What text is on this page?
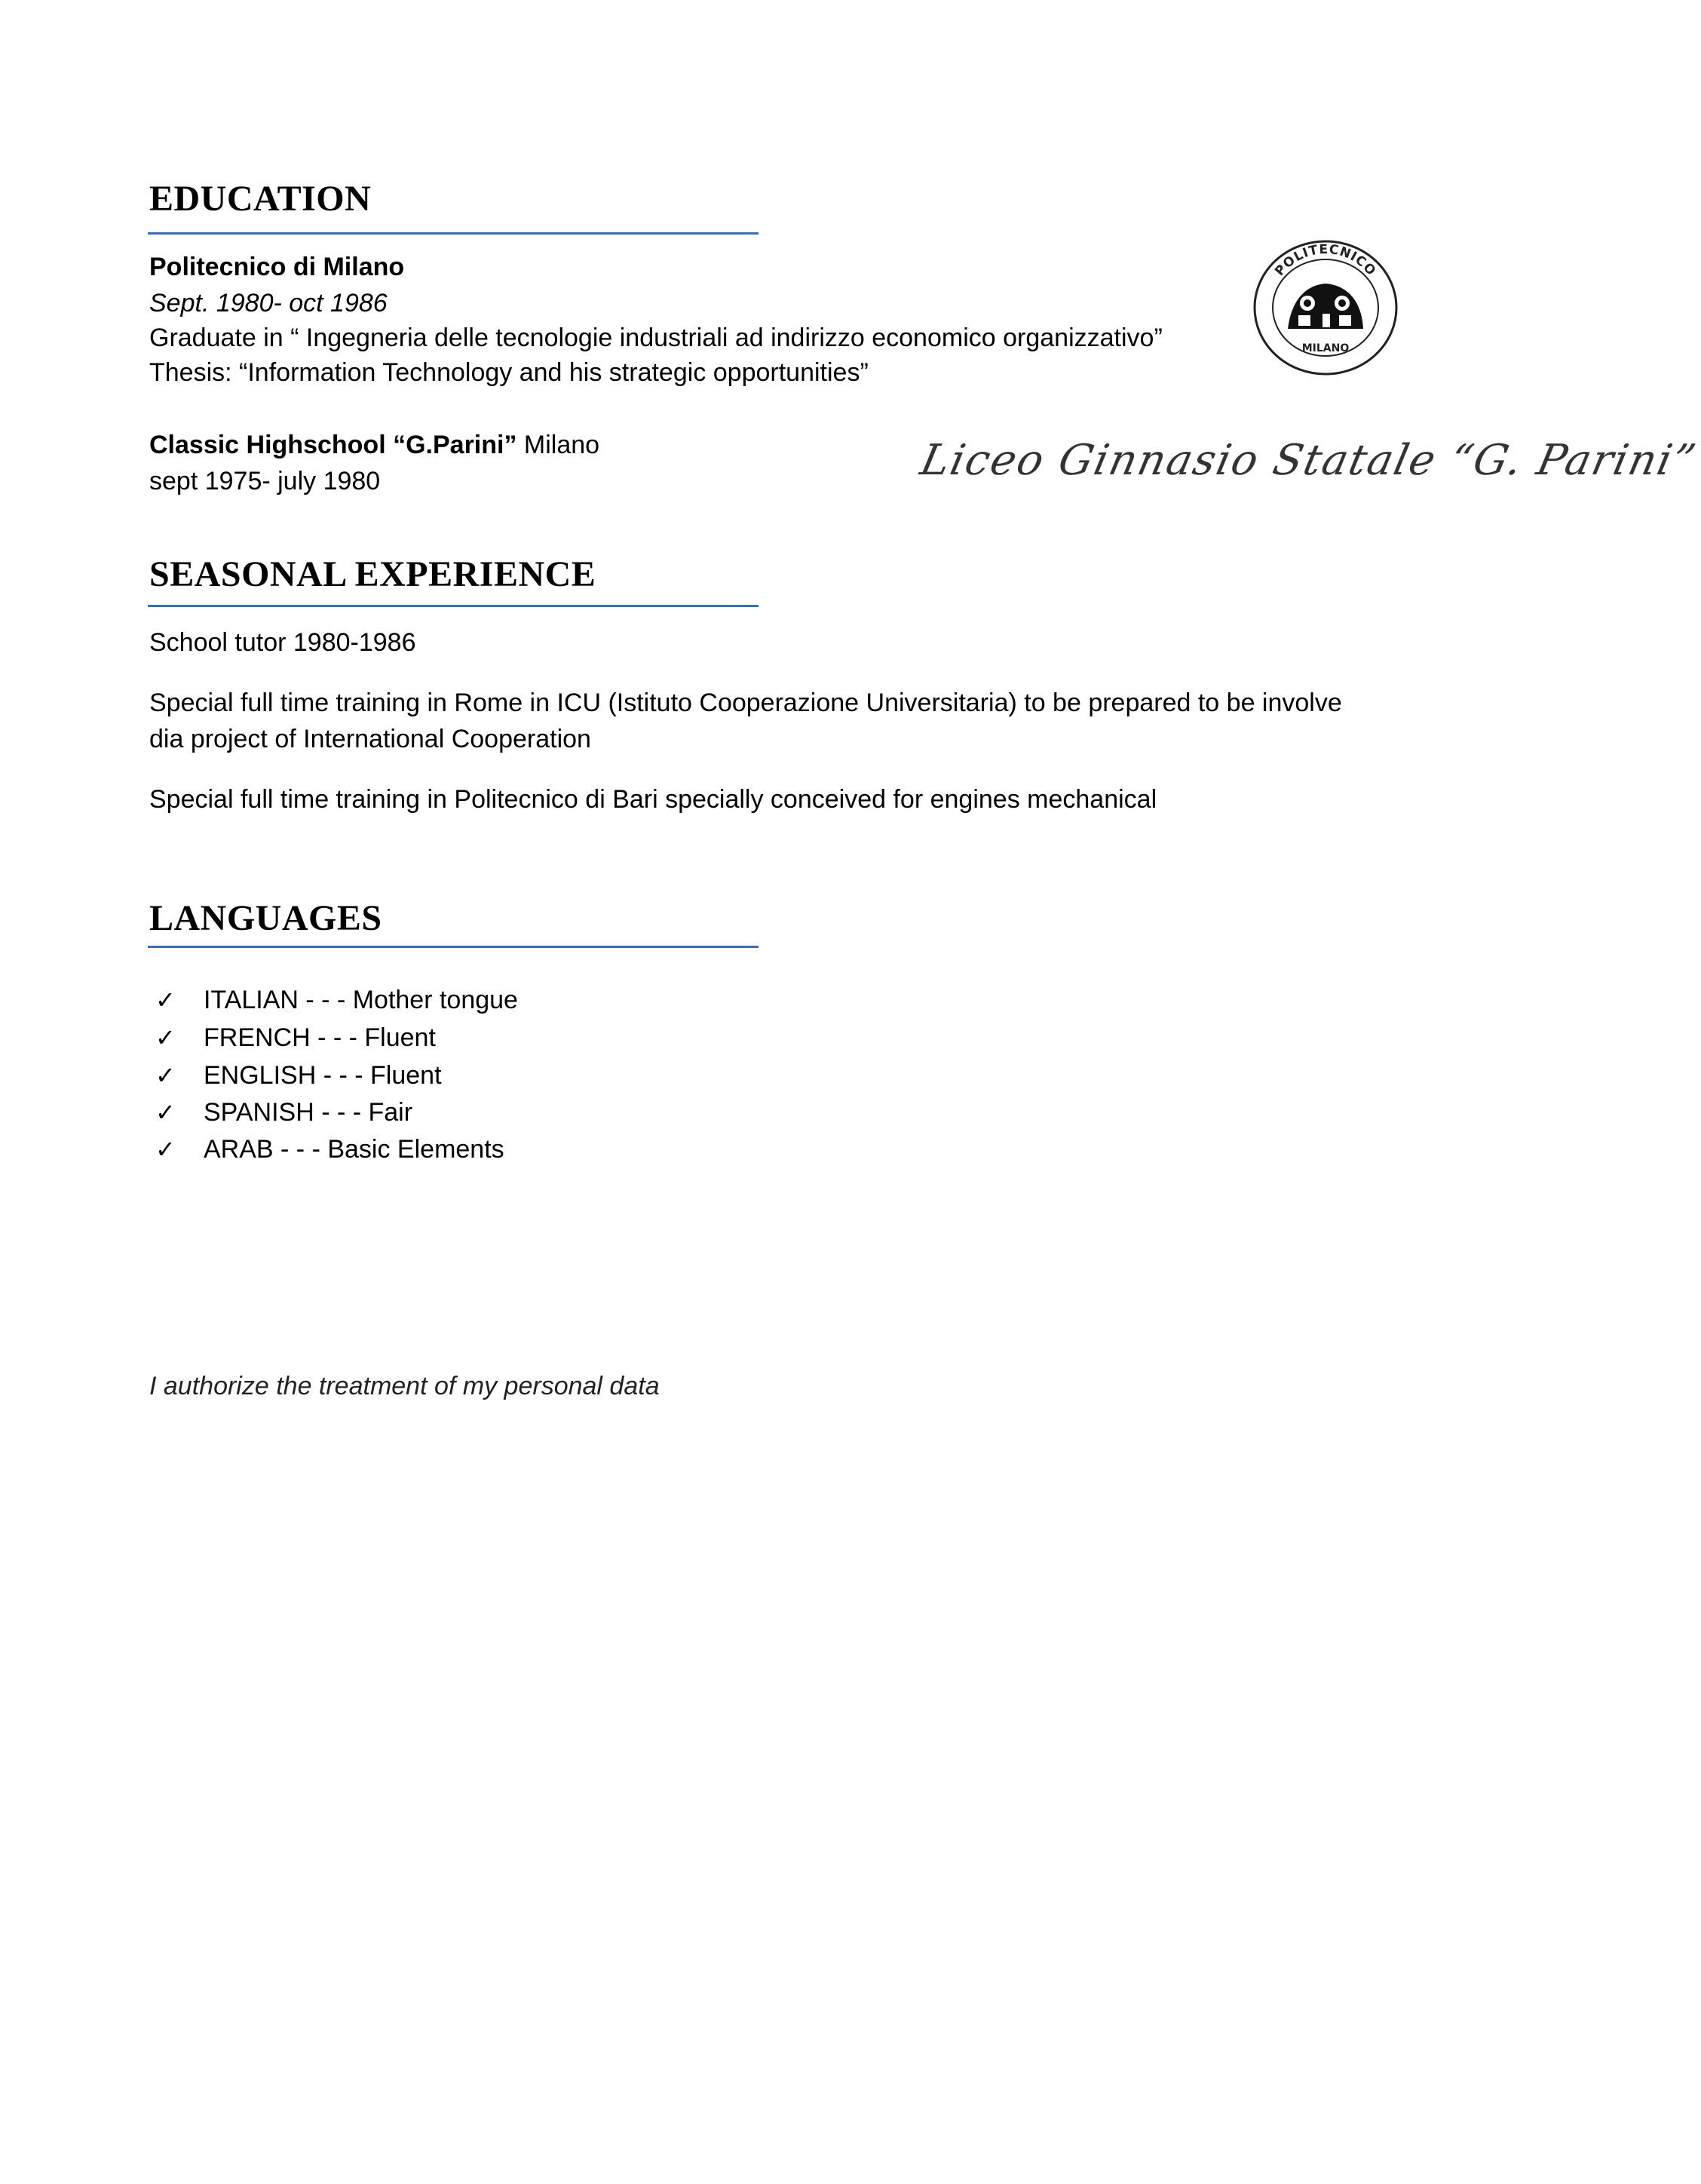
EDUCATION
Politecnico di Milano
Sept. 1980- oct 1986
Graduate in “ Ingegneria delle tecnologie industriali ad indirizzo economico organizzativo”
Thesis: “Information Technology and his strategic opportunities”
POLITECNICO
MILANO
Classic Highschool “G.Parini” Milano
sept 1975- july 1980	Liceo Ginnasio Statale “G. Parini”
SEASONAL EXPERIENCE
School tutor 1980-1986
Special full time training in Rome in ICU (Istituto Cooperazione Universitaria) to be prepared to be involve
dia project of International Cooperation
Special full time training in Politecnico di Bari specially conceived for engines mechanical
LANGUAGES
✓ ITALIAN - - - Mother tongue
✓ FRENCH - - - Fluent
✓ ENGLISH - - - Fluent
✓ SPANISH - - - Fair
✓ ARAB - - - Basic Elements
I authorize the treatment of my personal data
